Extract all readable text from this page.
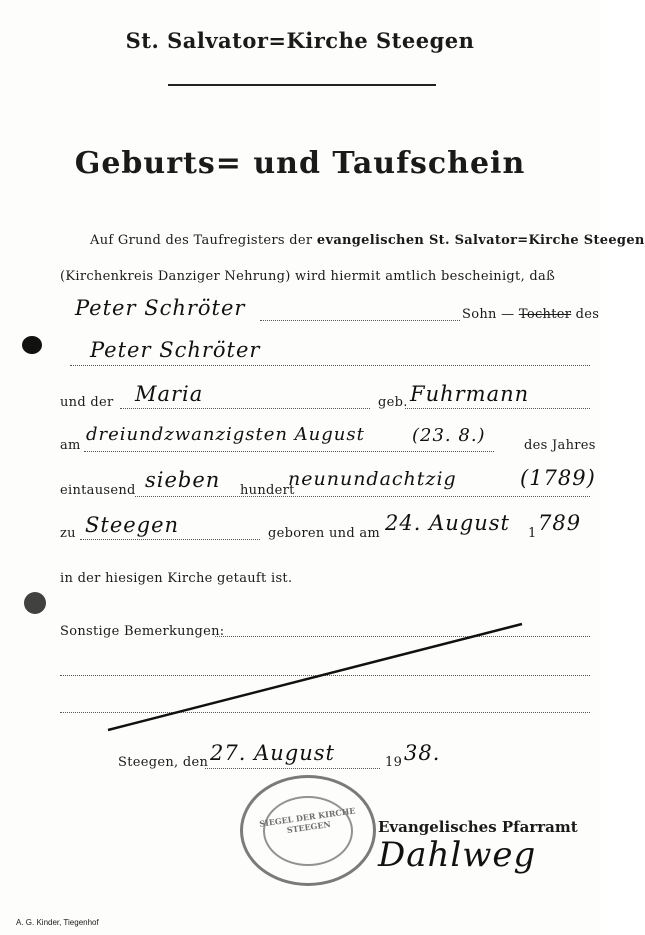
St. Salvator=Kirche Steegen
Geburts= und Taufschein
Auf Grund des Taufregisters der evangelischen St. Salvator=Kirche Steegen
(Kirchenkreis Danziger Nehrung) wird hiermit amtlich bescheinigt, daß
Peter Schröter	Sohn — Tochter des
Peter Schröter
und der Maria	geb. Fuhrmann
am
dreiundzwanzigsten August	(23. 8.)	des Jahres
eintausend sieben hundert
neunundachtzig	(1789)
zu Steegen	geboren und am 24. August 1 789
in der hiesigen Kirche getauft ist.
Sonstige Bemerkungen:
Steegen, den 27. August	19 38.
SIEGEL DER KIRCHE STEEGEN	Evangelisches Pfarramt
Dahlweg
A. G. Kinder, Tiegenhof
